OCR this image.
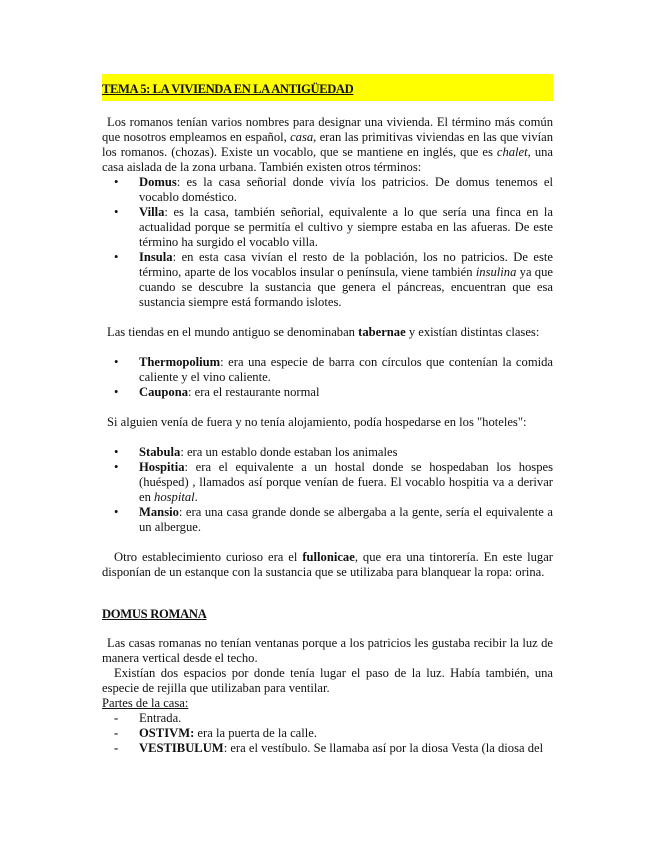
TEMA 5: LA VIVIENDA EN LA ANTIGÜEDAD

Los romanos tenían varios nombres para designar una vivienda. El término más común que nosotros empleamos en español, casa, eran las primitivas viviendas en las que vivían los romanos. (chozas). Existe un vocablo, que se mantiene en inglés, que es chalet, una casa aislada de la zona urbana. También existen otros términos:

• Domus: es la casa señorial donde vivía los patricios. De domus tenemos el vocablo doméstico.
• Villa: es la casa, también señorial, equivalente a lo que sería una finca en la actualidad porque se permitía el cultivo y siempre estaba en las afueras. De este término ha surgido el vocablo villa.
• Insula: en esta casa vivían el resto de la población, los no patricios. De este término, aparte de los vocablos insular o península, viene también insulina ya que cuando se descubre la sustancia que genera el páncreas, encuentran que esa sustancia siempre está formando islotes.

Las tiendas en el mundo antiguo se denominaban tabernae y existían distintas clases:

• Thermopolium: era una especie de barra con círculos que contenían la comida caliente y el vino caliente.
• Caupona: era el restaurante normal

Si alguien venía de fuera y no tenía alojamiento, podía hospedarse en los "hoteles":

• Stabula: era un establo donde estaban los animales
• Hospitia: era el equivalente a un hostal donde se hospedaban los hospes (huésped) , llamados así porque venían de fuera. El vocablo hospitia va a derivar en hospital.
• Mansio: era una casa grande donde se albergaba a la gente, sería el equivalente a un albergue.

Otro establecimiento curioso era el fullonicae, que era una tintorería. En este lugar disponían de un estanque con la sustancia que se utilizaba para blanquear la ropa: orina.

DOMUS ROMANA

Las casas romanas no tenían ventanas porque a los patricios les gustaba recibir la luz de manera vertical desde el techo.

Existían dos espacios por donde tenía lugar el paso de la luz. Había también, una especie de rejilla que utilizaban para ventilar.

Partes de la casa:
- Entrada.
- OSTIVM: era la puerta de la calle.
- VESTIBULUM: era el vestíbulo. Se llamaba así por la diosa Vesta (la diosa del
